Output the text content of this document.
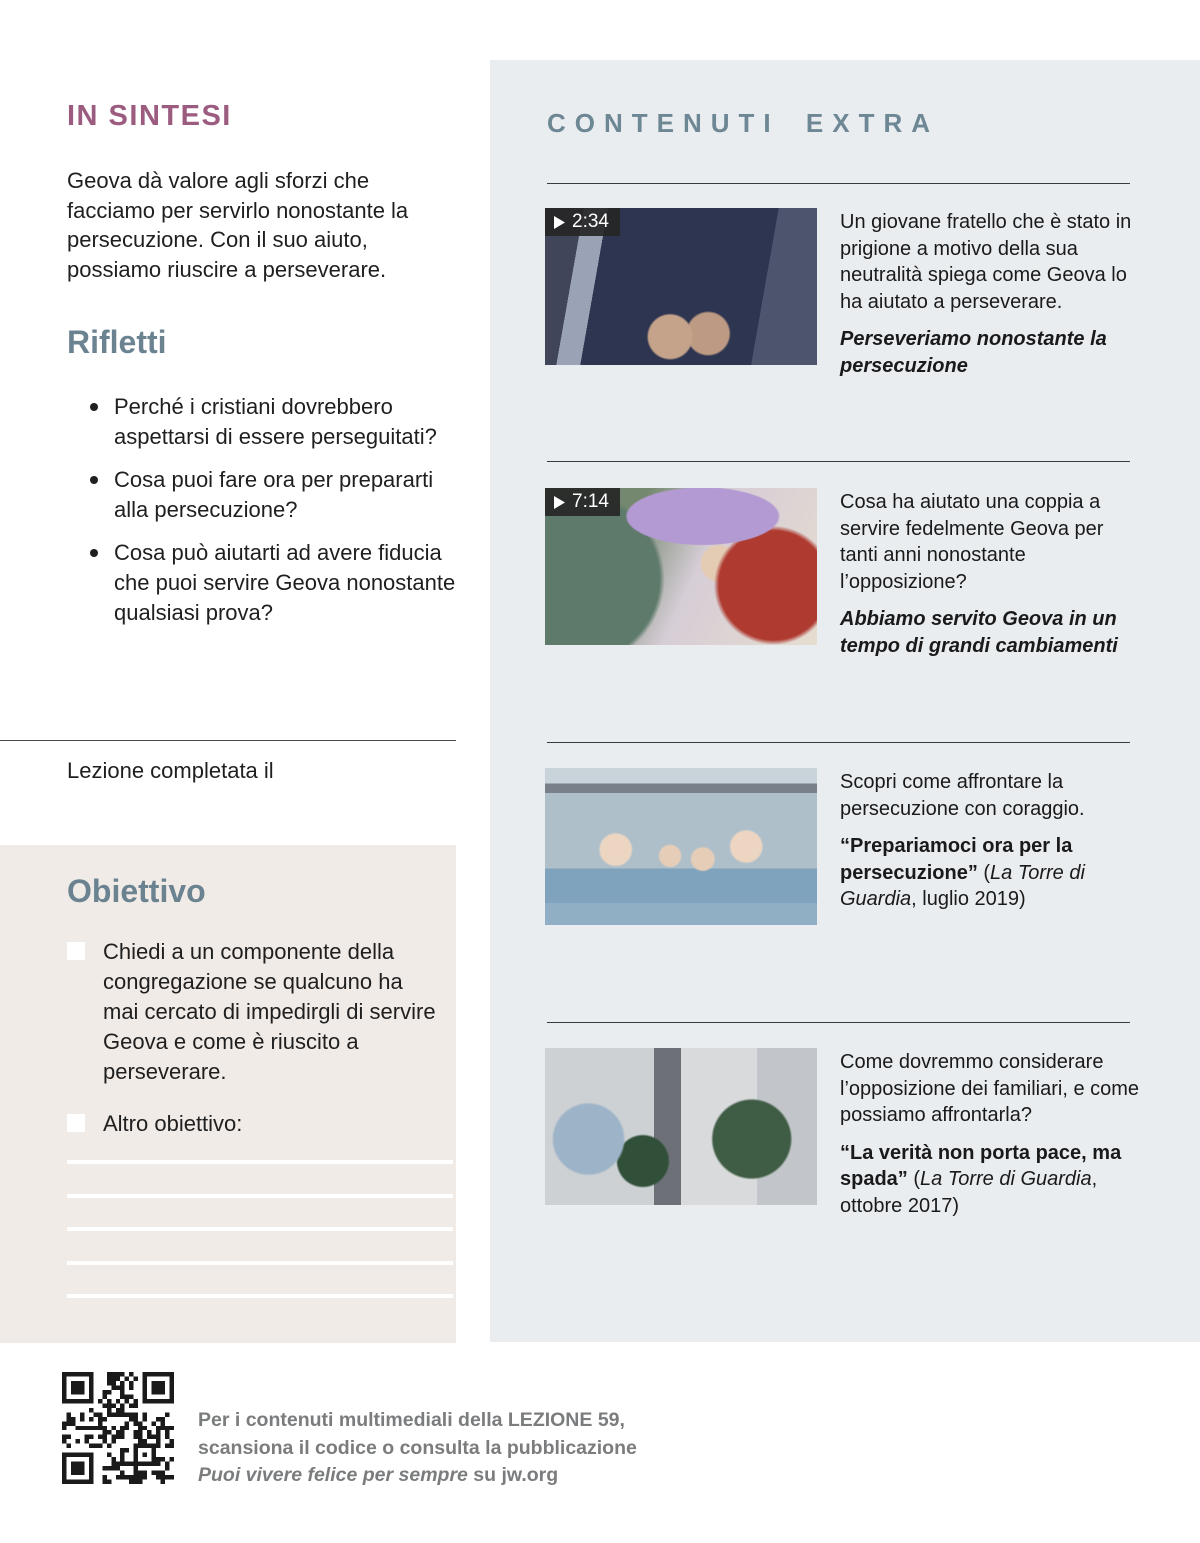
IN SINTESI

Geova dà valore agli sforzi che facciamo per servirlo nonostante la persecuzione. Con il suo aiuto, possiamo riuscire a perseverare.

Rifletti
Perché i cristiani dovrebbero aspettarsi di essere perseguitati?
Cosa puoi fare ora per prepararti alla persecuzione?
Cosa può aiutarti ad avere fiducia che puoi servire Geova nonostante qualsiasi prova?
Lezione completata il
Obiettivo
Chiedi a un componente della congregazione se qualcuno ha mai cercato di impedirgli di servire Geova e come è riuscito a perseverare.
Altro obiettivo:
CONTENUTI EXTRA
2:34	Un giovane fratello che è stato in prigione a motivo della sua neutralità spiega come Geova lo ha aiutato a perseverare.

Perseveriamo nonostante la persecuzione

7:14	Cosa ha aiutato una coppia a servire fedelmente Geova per tanti anni nonostante l’opposizione?

Abbiamo servito Geova in un tempo di grandi cambiamenti

Scopri come affrontare la persecuzione con coraggio.

“Prepariamoci ora per la persecuzione” (La Torre di Guardia, luglio 2019)

Come dovremmo considerare l’opposizione dei familiari, e come possiamo affrontarla?

“La verità non porta pace, ma spada” (La Torre di Guardia, ottobre 2017)

Per i contenuti multimediali della LEZIONE 59,
scansiona il codice o consulta la pubblicazione
Puoi vivere felice per sempre su jw.org
